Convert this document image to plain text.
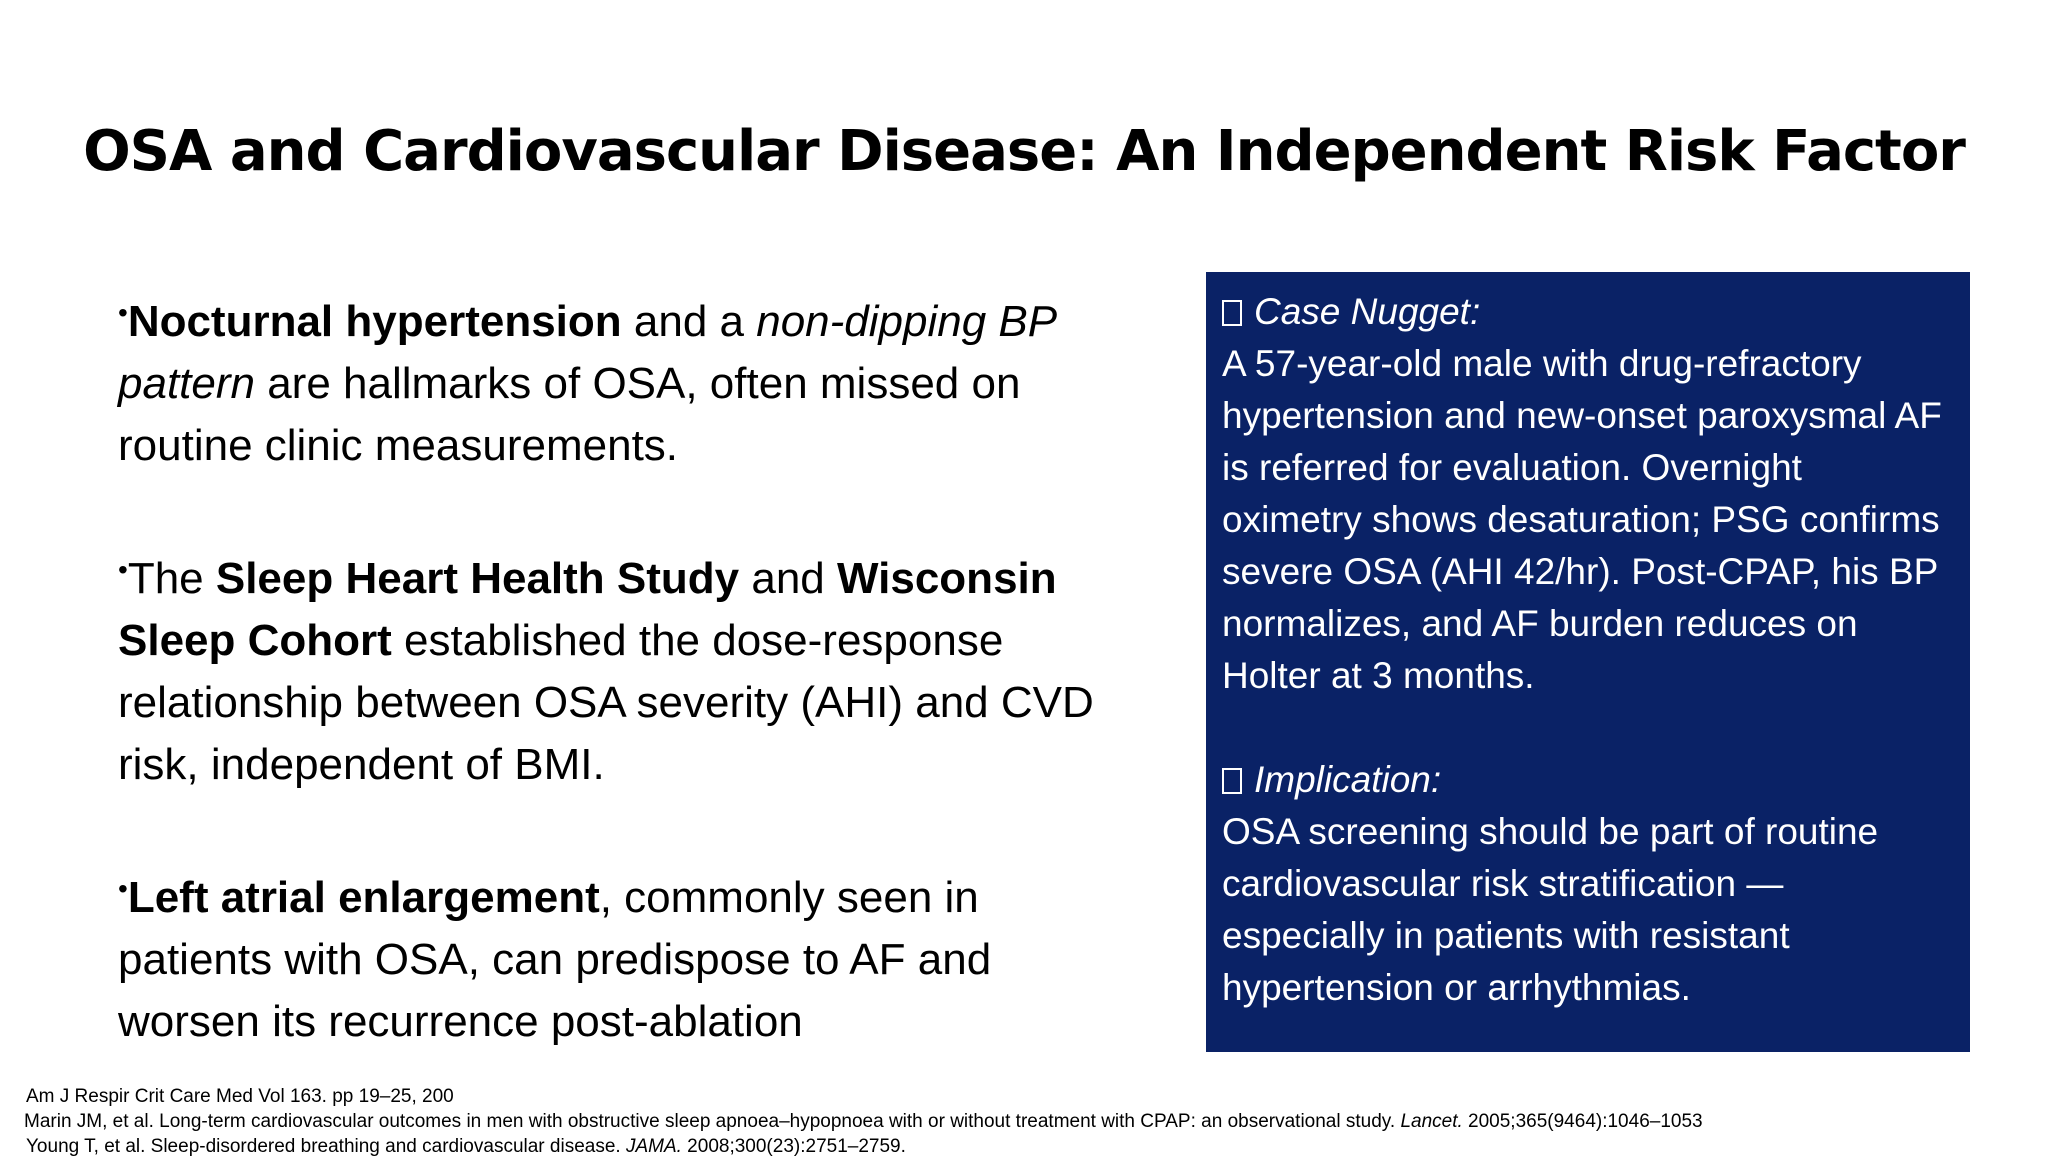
OSA and Cardiovascular Disease: An Independent Risk Factor

•Nocturnal hypertension and a non-dipping BP pattern are hallmarks of OSA, often missed on routine clinic measurements.

•The Sleep Heart Health Study and Wisconsin Sleep Cohort established the dose-response relationship between OSA severity (AHI) and CVD risk, independent of BMI.

•Left atrial enlargement, commonly seen in patients with OSA, can predispose to AF and worsen its recurrence post-ablation

Case Nugget:

A 57-year-old male with drug-refractory hypertension and new-onset paroxysmal AF is referred for evaluation. Overnight oximetry shows desaturation; PSG confirms severe OSA (AHI 42/hr). Post-CPAP, his BP normalizes, and AF burden reduces on Holter at 3 months.

Implication:

OSA screening should be part of routine cardiovascular risk stratification — especially in patients with resistant hypertension or arrhythmias.

Am J Respir Crit Care Med Vol 163. pp 19–25, 200
Marin JM, et al. Long-term cardiovascular outcomes in men with obstructive sleep apnoea–hypopnoea with or without treatment with CPAP: an observational study. Lancet. 2005;365(9464):1046–1053
Young T, et al. Sleep-disordered breathing and cardiovascular disease. JAMA. 2008;300(23):2751–2759.
